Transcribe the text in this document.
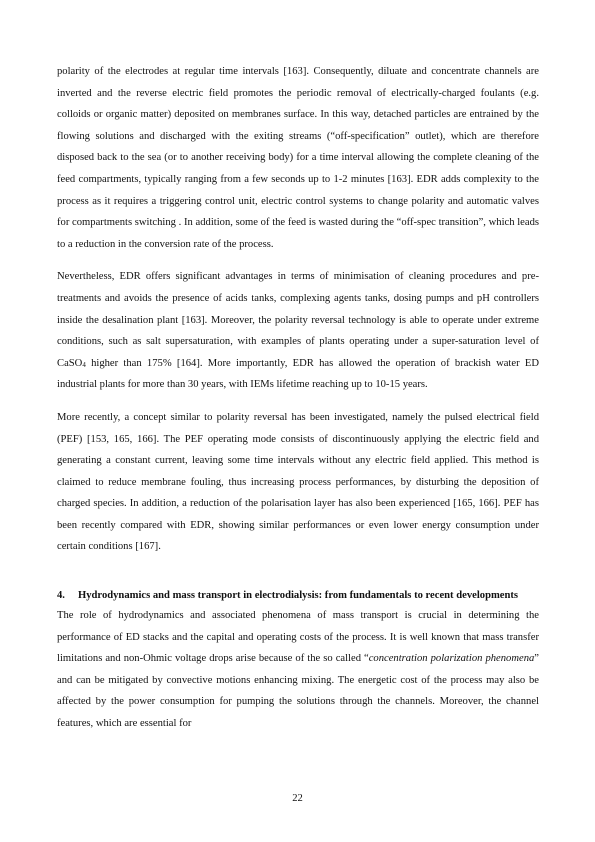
polarity of the electrodes at regular time intervals [163]. Consequently, diluate and concentrate channels are inverted and the reverse electric field promotes the periodic removal of electrically-charged foulants (e.g. colloids or organic matter) deposited on membranes surface. In this way, detached particles are entrained by the flowing solutions and discharged with the exiting streams (“off-specification” outlet), which are therefore disposed back to the sea (or to another receiving body) for a time interval allowing the complete cleaning of the feed compartments, typically ranging from a few seconds up to 1-2 minutes [163]. EDR adds complexity to the process as it requires a triggering control unit, electric control systems to change polarity and automatic valves for compartments switching . In addition, some of the feed is wasted during the “off-spec transition”, which leads to a reduction in the conversion rate of the process.

Nevertheless, EDR offers significant advantages in terms of minimisation of cleaning procedures and pre-treatments and avoids the presence of acids tanks, complexing agents tanks, dosing pumps and pH controllers inside the desalination plant [163]. Moreover, the polarity reversal technology is able to operate under extreme conditions, such as salt supersaturation, with examples of plants operating under a super-saturation level of CaSO$_4$ higher than 175% [164]. More importantly, EDR has allowed the operation of brackish water ED industrial plants for more than 30 years, with IEMs lifetime reaching up to 10-15 years.

More recently, a concept similar to polarity reversal has been investigated, namely the pulsed electrical field (PEF) [153, 165, 166]. The PEF operating mode consists of discontinuously applying the electric field and generating a constant current, leaving some time intervals without any electric field applied. This method is claimed to reduce membrane fouling, thus increasing process performances, by disturbing the deposition of charged species. In addition, a reduction of the polarisation layer has also been experienced [165, 166]. PEF has been recently compared with EDR, showing similar performances or even lower energy consumption under certain conditions [167].

4.	Hydrodynamics and mass transport in electrodialysis: from fundamentals to recent developments

The role of hydrodynamics and associated phenomena of mass transport is crucial in determining the performance of ED stacks and the capital and operating costs of the process. It is well known that mass transfer limitations and non-Ohmic voltage drops arise because of the so called “concentration polarization phenomena” and can be mitigated by convective motions enhancing mixing. The energetic cost of the process may also be affected by the power consumption for pumping the solutions through the channels. Moreover, the channel features, which are essential for

22
